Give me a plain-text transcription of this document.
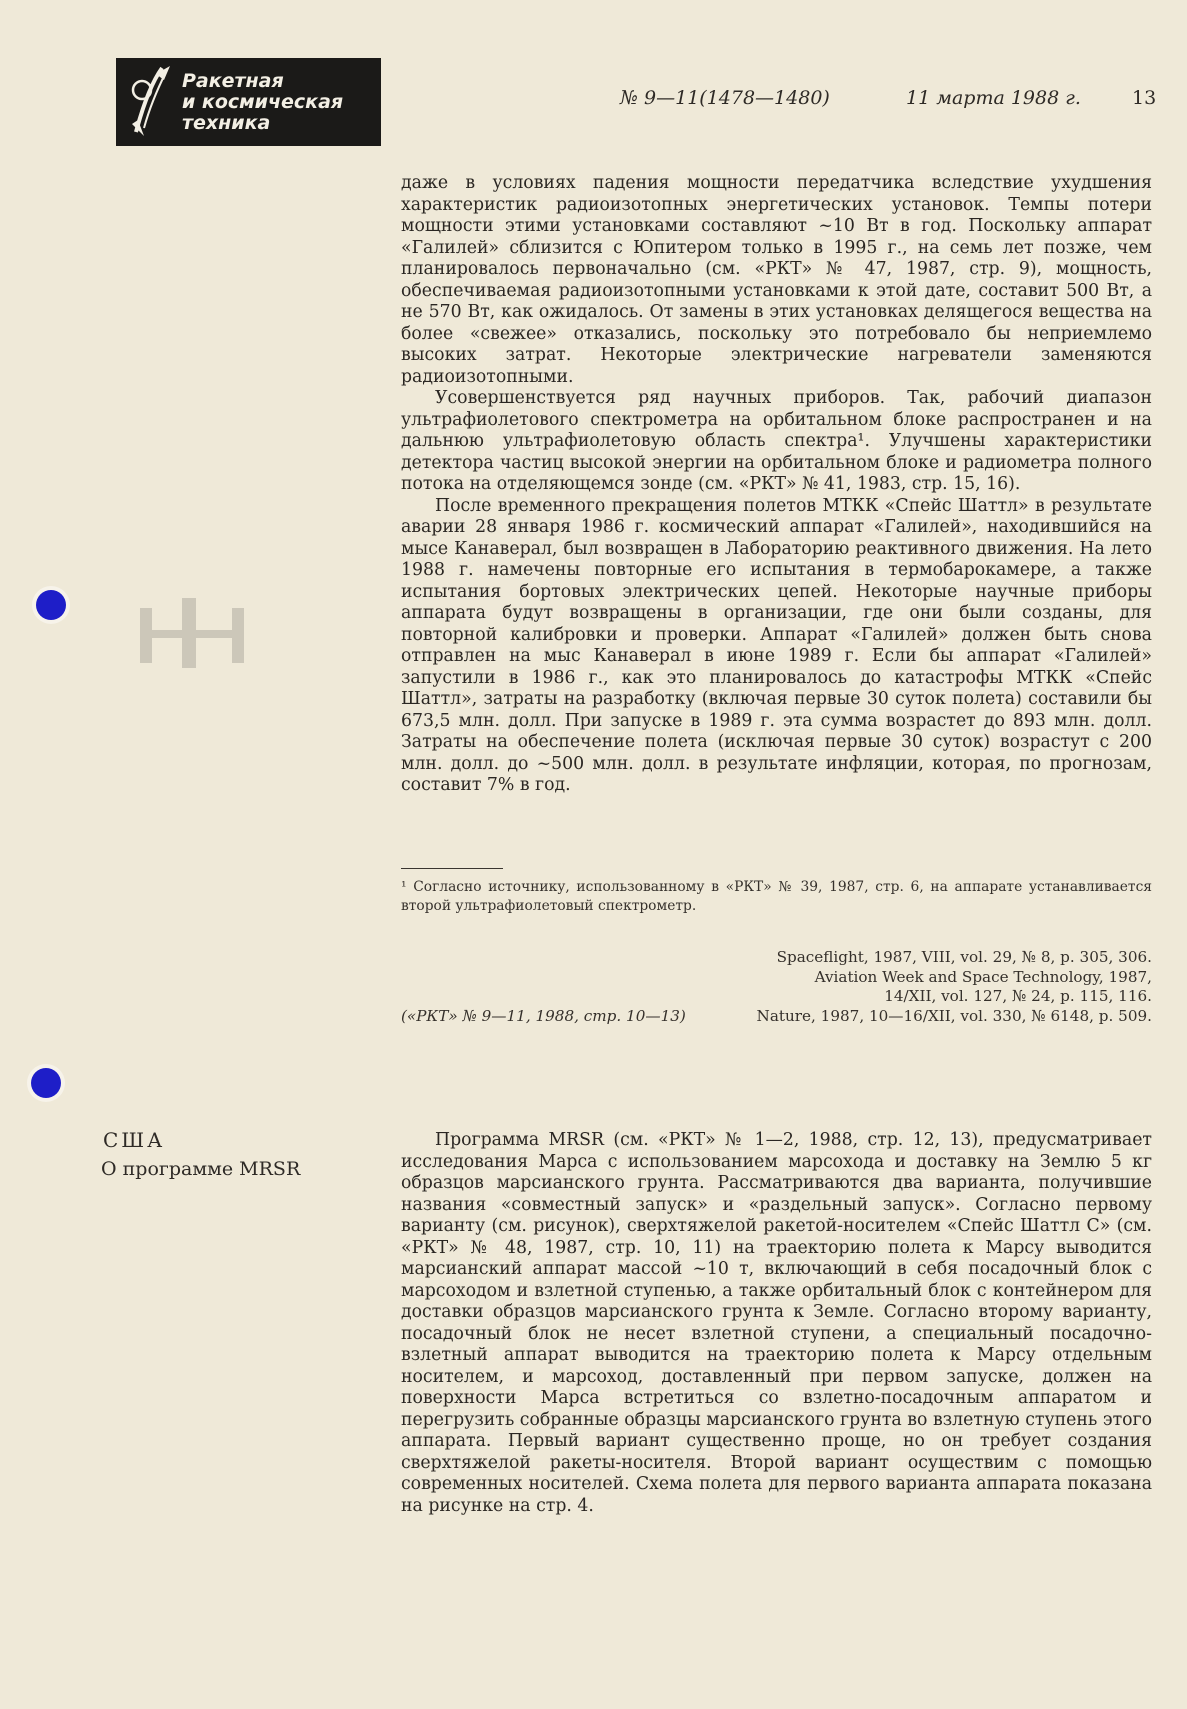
Ракетная
и космическая
техника
№ 9—11(1478—1480)	11 марта 1988 г.	13

даже в условиях падения мощности передатчика вследствие ухудшения характеристик радиоизотопных энергетических установок. Темпы потери мощности этими установками составляют ~10 Вт в год. Поскольку аппарат «Галилей» сблизится с Юпитером только в 1995 г., на семь лет позже, чем планировалось первоначально (см. «РКТ» № 47, 1987, стр. 9), мощность, обеспечиваемая радиоизотопными установками к этой дате, составит 500 Вт, а не 570 Вт, как ожидалось. От замены в этих установках делящегося вещества на более «свежее» отказались, поскольку это потребовало бы неприемлемо высоких затрат. Некоторые электрические нагреватели заменяются радиоизотопными.

Усовершенствуется ряд научных приборов. Так, рабочий диапазон ультрафиолетового спектрометра на орбитальном блоке распространен и на дальнюю ультрафиолетовую область спектра¹. Улучшены характеристики детектора частиц высокой энергии на орбитальном блоке и радиометра полного потока на отделяющемся зонде (см. «РКТ» № 41, 1983, стр. 15, 16).

После временного прекращения полетов МТКК «Спейс Шаттл» в результате аварии 28 января 1986 г. космический аппарат «Галилей», находившийся на мысе Канаверал, был возвращен в Лабораторию реактивного движения. На лето 1988 г. намечены повторные его испытания в термобарокамере, а также испытания бортовых электрических цепей. Некоторые научные приборы аппарата будут возвращены в организации, где они были созданы, для повторной калибровки и проверки. Аппарат «Галилей» должен быть снова отправлен на мыс Канаверал в июне 1989 г. Если бы аппарат «Галилей» запустили в 1986 г., как это планировалось до катастрофы МТКК «Спейс Шаттл», затраты на разработку (включая первые 30 суток полета) составили бы 673,5 млн. долл. При запуске в 1989 г. эта сумма возрастет до 893 млн. долл. Затраты на обеспечение полета (исключая первые 30 суток) возрастут с 200 млн. долл. до ~500 млн. долл. в результате инфляции, которая, по прогнозам, составит 7% в год.

¹ Согласно источнику, использованному в «РКТ» № 39, 1987, стр. 6, на аппарате устанавливается второй ультрафиолетовый спектрометр.
Spaceflight, 1987, VIII, vol. 29, № 8, p. 305, 306.
Aviation Week and Space Technology, 1987,
14/XII, vol. 127, № 24, p. 115, 116.
(«РКТ» № 9—11, 1988, стр. 10—13)	Nature, 1987, 10—16/XII, vol. 330, № 6148, p. 509.
США
О программе MRSR

Программа MRSR (см. «РКТ» № 1—2, 1988, стр. 12, 13), предусматривает исследования Марса с использованием марсохода и доставку на Землю 5 кг образцов марсианского грунта. Рассматриваются два варианта, получившие названия «совместный запуск» и «раздельный запуск». Согласно первому варианту (см. рисунок), сверхтяжелой ракетой-носителем «Спейс Шаттл С» (см. «РКТ» № 48, 1987, стр. 10, 11) на траекторию полета к Марсу выводится марсианский аппарат массой ~10 т, включающий в себя посадочный блок с марсоходом и взлетной ступенью, а также орбитальный блок с контейнером для доставки образцов марсианского грунта к Земле. Согласно второму варианту, посадочный блок не несет взлетной ступени, а специальный посадочно-взлетный аппарат выводится на траекторию полета к Марсу отдельным носителем, и марсоход, доставленный при первом запуске, должен на поверхности Марса встретиться со взлетно-посадочным аппаратом и перегрузить собранные образцы марсианского грунта во взлетную ступень этого аппарата. Первый вариант существенно проще, но он требует создания сверхтяжелой ракеты-носителя. Второй вариант осуществим с помощью современных носителей. Схема полета для первого варианта аппарата показана на рисунке на стр. 4.
